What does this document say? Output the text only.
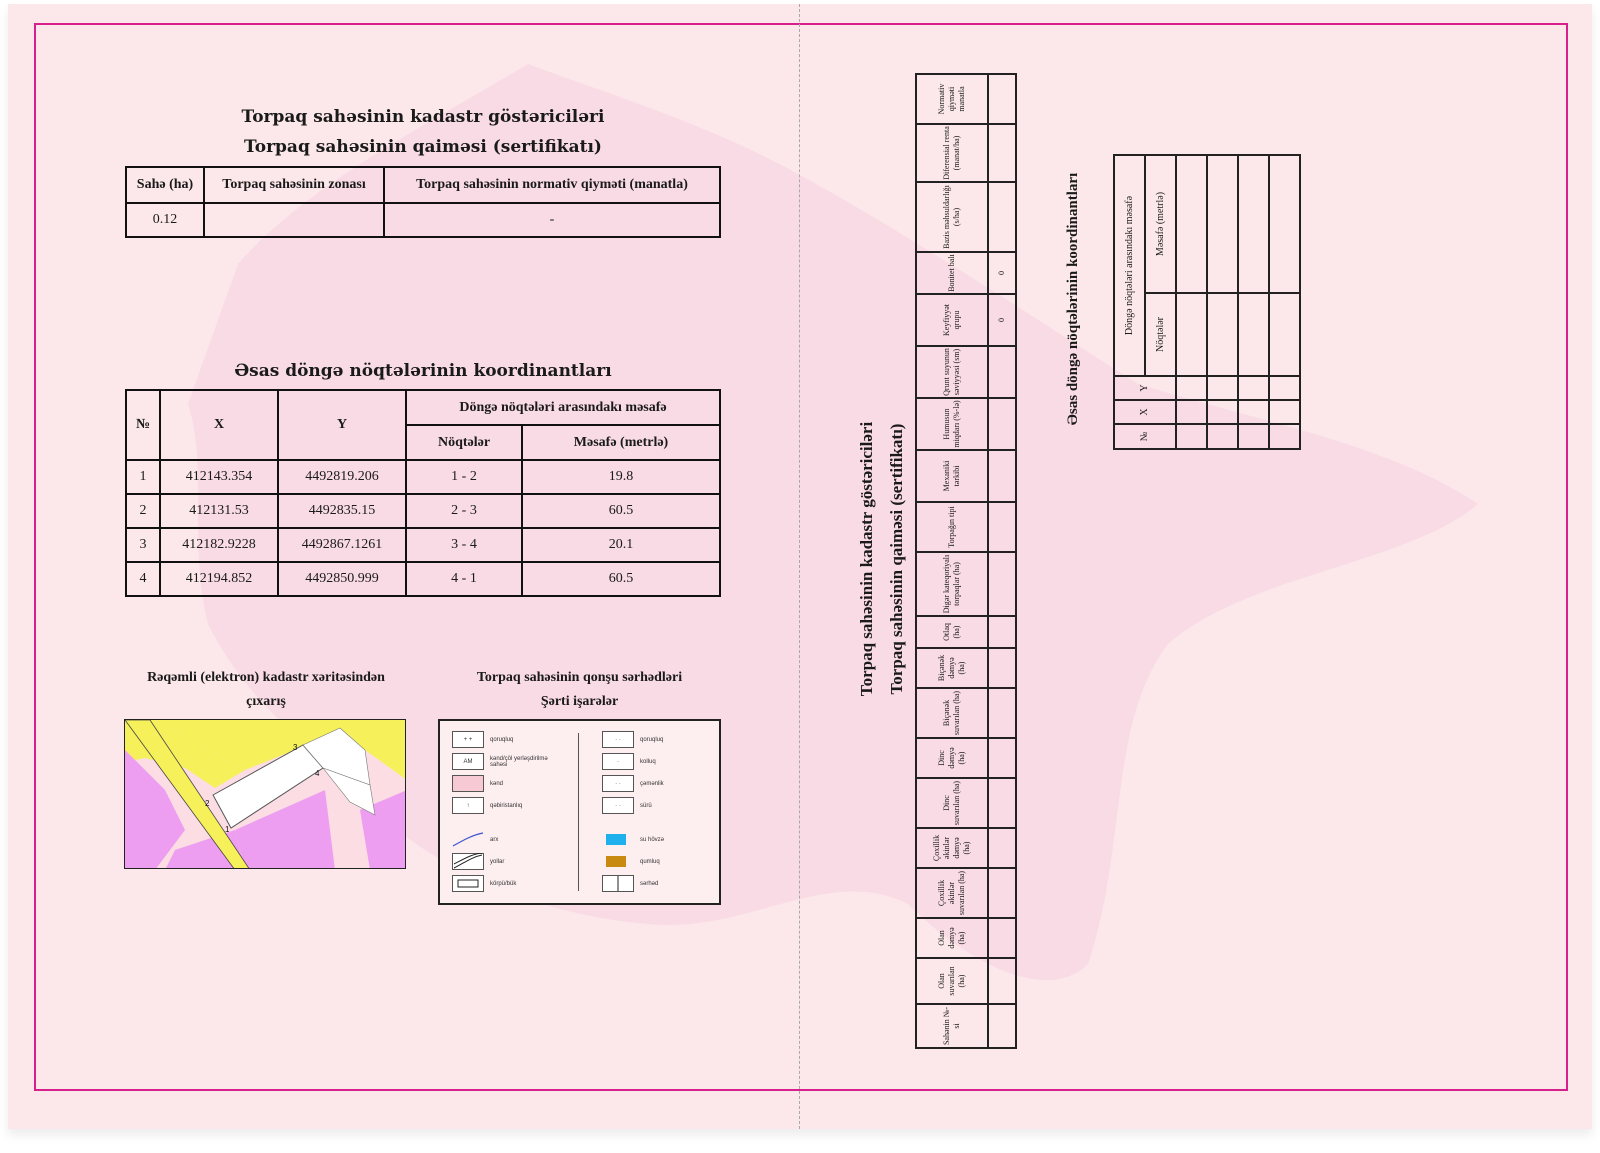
Torpaq sahəsinin kadastr göstəriciləri
Torpaq sahəsinin qaiməsi (sertifikatı)
Sahə (ha)	Torpaq sahəsinin zonası	Torpaq sahəsinin normativ qiyməti (manatla)
0.12		-
Əsas döngə nöqtələrinin koordinantları
№	X	Y	Döngə nöqtələri arasındakı məsafə	
			Nöqtələr	Məsafə (metrlə)
1	412143.354	4492819.206	1 - 2	19.8
2	412131.53	4492835.15	2 - 3	60.5
3	412182.9228	4492867.1261	3 - 4	20.1
4	412194.852	4492850.999	4 - 1	60.5
Rəqəmli (elektron) kadastr xəritəsindən
çıxarış
1
2
3
4
Torpaq sahəsinin qonşu sərhədləri
Şərti işarələr
+ +	qoruqluq
AM	kənd/çöl yerləşdirilmə sahəsi
kənd
↑	qəbiristanlıq
arx
yollar
körpü/bük
· ·	qoruqluq
·	kolluq
· ·	çəmənlik
· ·	sürü
su hövzə
qumluq
sərhəd
Torpaq sahəsinin kadastr göstəriciləri Torpaq sahəsinin qaiməsi (sertifikatı)
Sahənin №-si	Olan suvarılan (ha)	Olan dəmyə (ha)	Çoxillik əkinlər suvarılan (ha)	Çoxillik əkinlər dəmyə (ha)	Dinc suvarılan (ha)	Dinc dəmyə (ha)	Biçənək suvarılan (ha)	Biçənək dəmyə (ha)	Otlaq (ha)	Digər kateqoriyalı torpaqlar (ha)	Torpağın tipi	Mexaniki tərkibi	Humusun miqdarı (%-lə)	Qrunt suyunun səviyyəsi (sm)	Keyfiyyət qrupu	Bonitet balı	Bazis məhsuldarlığı (s/ha)	Diferensial renta (manat/ha)	Normativ qiyməti manatla
															0	0				Əsas döngə nöqtələrinin koordinantları
№	X	Y	Döngə nöqtələri arasındakı məsafə	
			Nöqtələr	Məsafə (metrlə)
